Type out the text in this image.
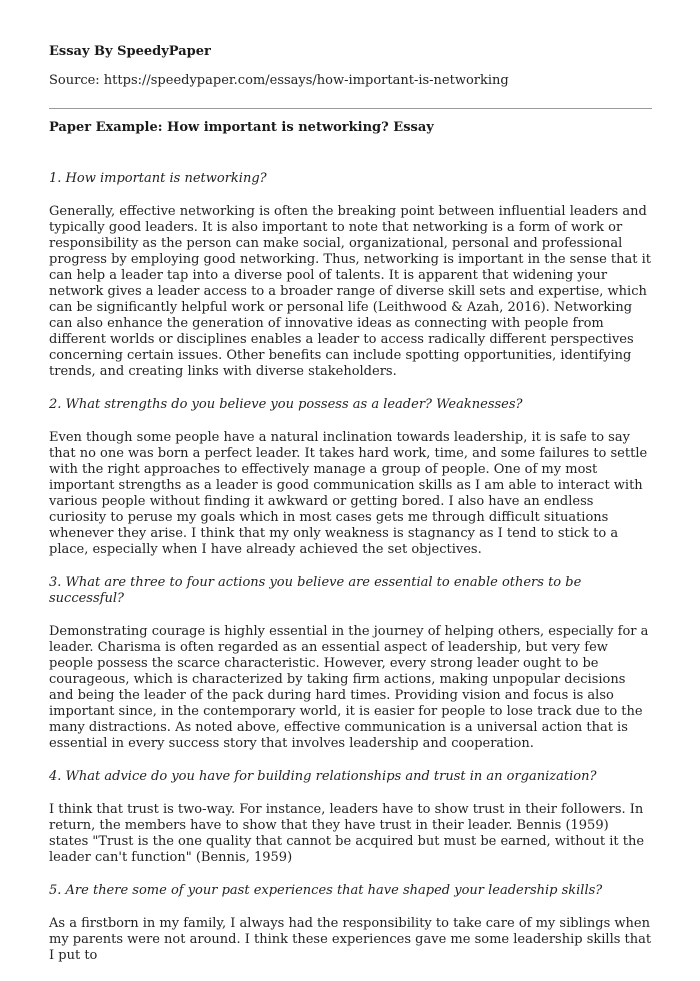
Essay By SpeedyPaper
Source: https://speedypaper.com/essays/how-important-is-networking
Paper Example: How important is networking? Essay

1. How important is networking?

Generally, effective networking is often the breaking point between influential leaders and typically good leaders. It is also important to note that networking is a form of work or responsibility as the person can make social, organizational, personal and professional progress by employing good networking. Thus, networking is important in the sense that it can help a leader tap into a diverse pool of talents. It is apparent that widening your network gives a leader access to a broader range of diverse skill sets and expertise, which can be significantly helpful work or personal life (Leithwood & Azah, 2016). Networking can also enhance the generation of innovative ideas as connecting with people from different worlds or disciplines enables a leader to access radically different perspectives concerning certain issues. Other benefits can include spotting opportunities, identifying trends, and creating links with diverse stakeholders.

2. What strengths do you believe you possess as a leader? Weaknesses?

Even though some people have a natural inclination towards leadership, it is safe to say that no one was born a perfect leader. It takes hard work, time, and some failures to settle with the right approaches to effectively manage a group of people. One of my most important strengths as a leader is good communication skills as I am able to interact with various people without finding it awkward or getting bored. I also have an endless curiosity to peruse my goals which in most cases gets me through difficult situations whenever they arise. I think that my only weakness is stagnancy as I tend to stick to a place, especially when I have already achieved the set objectives.

3. What are three to four actions you believe are essential to enable others to be successful?

Demonstrating courage is highly essential in the journey of helping others, especially for a leader. Charisma is often regarded as an essential aspect of leadership, but very few people possess the scarce characteristic. However, every strong leader ought to be courageous, which is characterized by taking firm actions, making unpopular decisions and being the leader of the pack during hard times. Providing vision and focus is also important since, in the contemporary world, it is easier for people to lose track due to the many distractions. As noted above, effective communication is a universal action that is essential in every success story that involves leadership and cooperation.

4. What advice do you have for building relationships and trust in an organization?

I think that trust is two-way. For instance, leaders have to show trust in their followers. In return, the members have to show that they have trust in their leader. Bennis (1959) states "Trust is the one quality that cannot be acquired but must be earned, without it the leader can't function" (Bennis, 1959)

5. Are there some of your past experiences that have shaped your leadership skills?

As a firstborn in my family, I always had the responsibility to take care of my siblings when my parents were not around. I think these experiences gave me some leadership skills that I put to
